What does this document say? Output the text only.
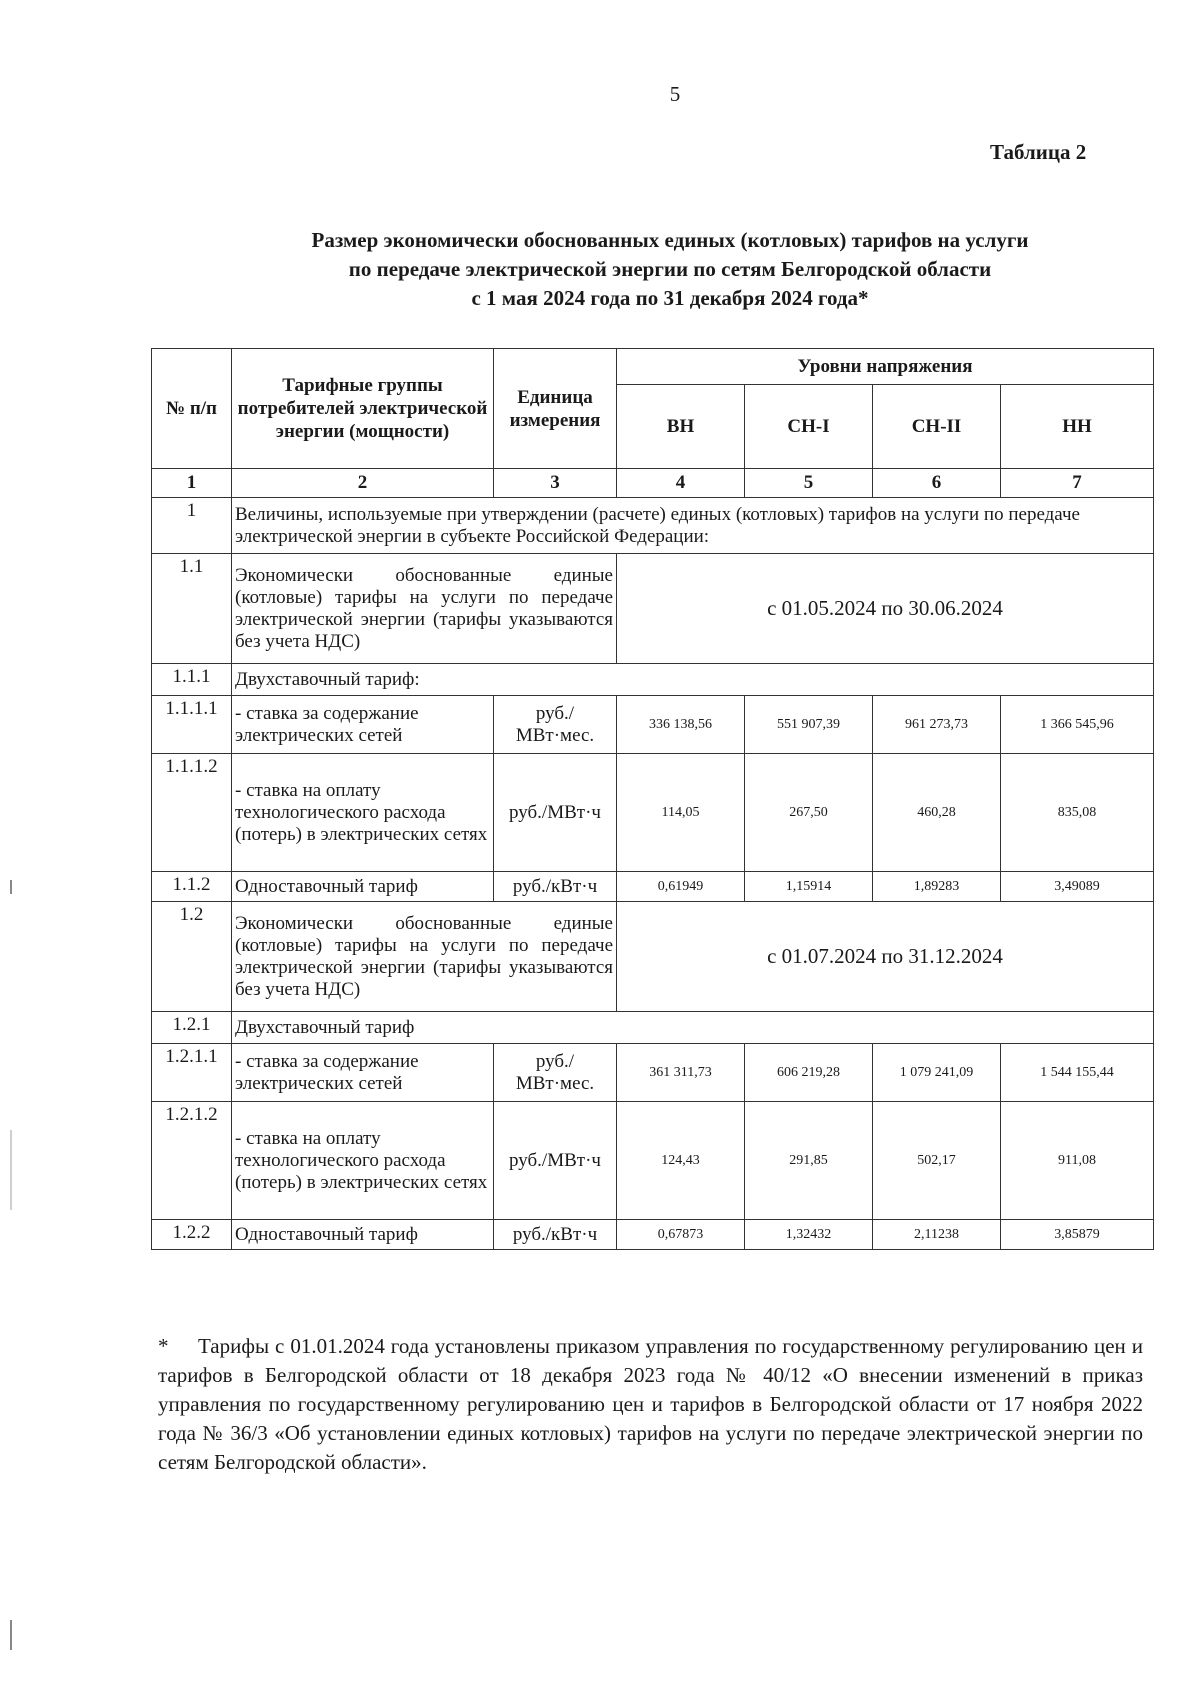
5
Таблица 2
Размер экономически обоснованных единых (котловых) тарифов на услуги
по передаче электрической энергии по сетям Белгородской области
с 1 мая 2024 года по 31 декабря 2024 года*
№ п/п	Тарифные группы потребителей электрической энергии (мощности)	Единица измерения	Уровни напряжения			
			ВН	СН-I	СН-II	НН
1	2	3	4	5	6	7
1	Величины, используемые при утверждении (расчете) единых (котловых) тарифов на услуги по передаче электрической энергии в субъекте Российской Федерации:					
1.1	Экономически обоснованные единые (котловые) тарифы на услуги по передаче электрической энергии (тарифы указываются без учета НДС)		с 01.05.2024 по 30.06.2024			
1.1.1	Двухставочный тариф:					
1.1.1.1	- ставка за содержание электрических сетей	руб./МВт·мес.	336 138,56	551 907,39	961 273,73	1 366 545,96
1.1.1.2	- ставка на оплату технологического расхода (потерь) в электрических сетях	руб./МВт·ч	114,05	267,50	460,28	835,08
1.1.2	Одноставочный тариф	руб./кВт·ч	0,61949	1,15914	1,89283	3,49089
1.2	Экономически обоснованные единые (котловые) тарифы на услуги по передаче электрической энергии (тарифы указываются без учета НДС)		с 01.07.2024 по 31.12.2024			
1.2.1	Двухставочный тариф					
1.2.1.1	- ставка за содержание электрических сетей	руб./МВт·мес.	361 311,73	606 219,28	1 079 241,09	1 544 155,44
1.2.1.2	- ставка на оплату технологического расхода (потерь) в электрических сетях	руб./МВт·ч	124,43	291,85	502,17	911,08
1.2.2	Одноставочный тариф	руб./кВт·ч	0,67873	1,32432	2,11238	3,85879
* Тарифы с 01.01.2024 года установлены приказом управления по государственному регулированию цен и тарифов в Белгородской области от 18 декабря 2023 года № 40/12 «О внесении изменений в приказ управления по государственному регулированию цен и тарифов в Белгородской области от 17 ноября 2022 года № 36/3 «Об установлении единых котловых) тарифов на услуги по передаче электрической энергии по сетям Белгородской области».
